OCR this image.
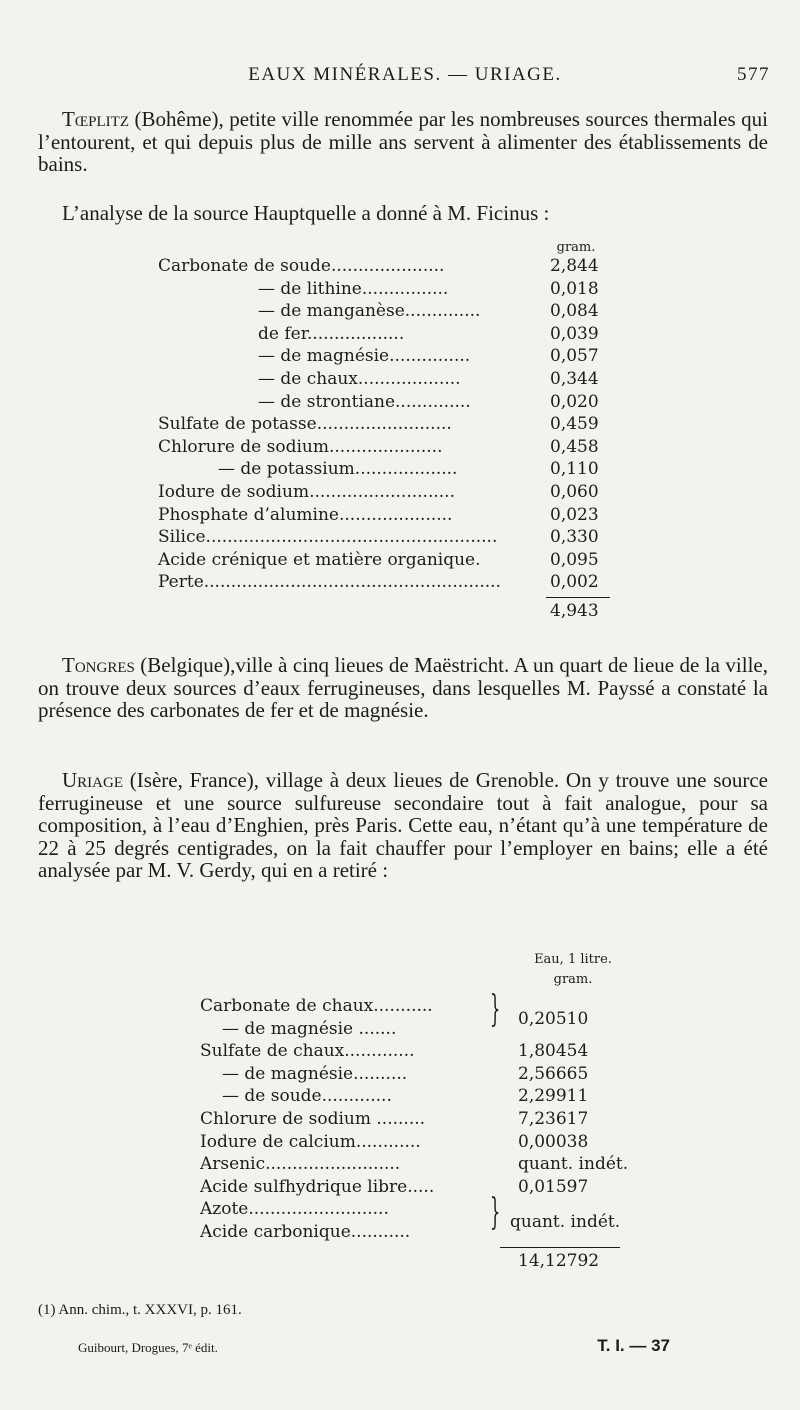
EAUX MINÉRALES. — URIAGE.	577

Tœplitz (Bohême), petite ville renommée par les nombreuses sources thermales qui l’entourent, et qui depuis plus de mille ans servent à alimenter des établissements de bains.

L’analyse de la source Hauptquelle a donné à M. Ficinus :

gram.
Carbonate de soude.....................	2,844
— de lithine................	0,018
— de manganèse..............	0,084
de fer..................	0,039
— de magnésie...............	0,057
— de chaux...................	0,344
— de strontiane..............	0,020
Sulfate de potasse.........................	0,459
Chlorure de sodium.....................	0,458
— de potassium...................	0,110
Iodure de sodium...........................	0,060
Phosphate d’alumine.....................	0,023
Silice......................................................	0,330
Acide crénique et matière organique.	0,095
Perte.......................................................	0,002
4,943

Tongres (Belgique),ville à cinq lieues de Maëstricht. A un quart de lieue de la ville, on trouve deux sources d’eaux ferrugineuses, dans lesquelles M. Payssé a constaté la présence des carbonates de fer et de magnésie.

Uriage (Isère, France), village à deux lieues de Grenoble. On y trouve une source ferrugineuse et une source sulfureuse secondaire tout à fait analogue, pour sa composition, à l’eau d’Enghien, près Paris. Cette eau, n’étant qu’à une température de 22 à 25 degrés centigrades, on la fait chauffer pour l’employer en bains; elle a été analysée par M. V. Gerdy, qui en a retiré :

Eau, 1 litre.
gram.
Carbonate de chaux...........
— de magnésie .......	0,20510
Sulfate de chaux.............	1,80454
— de magnésie..........	2,56665
— de soude.............	2,29911
Chlorure de sodium .........	7,23617
Iodure de calcium............	0,00038
Arsenic.........................	quant. indét.
Acide sulfhydrique libre.....	0,01597
Azote..........................
Acide carbonique...........	quant. indét.
}
}
14,12792
(1) Ann. chim., t. XXXVI, p. 161.
Guibourt, Drogues, 7ᵉ édit.	T. I. — 37
